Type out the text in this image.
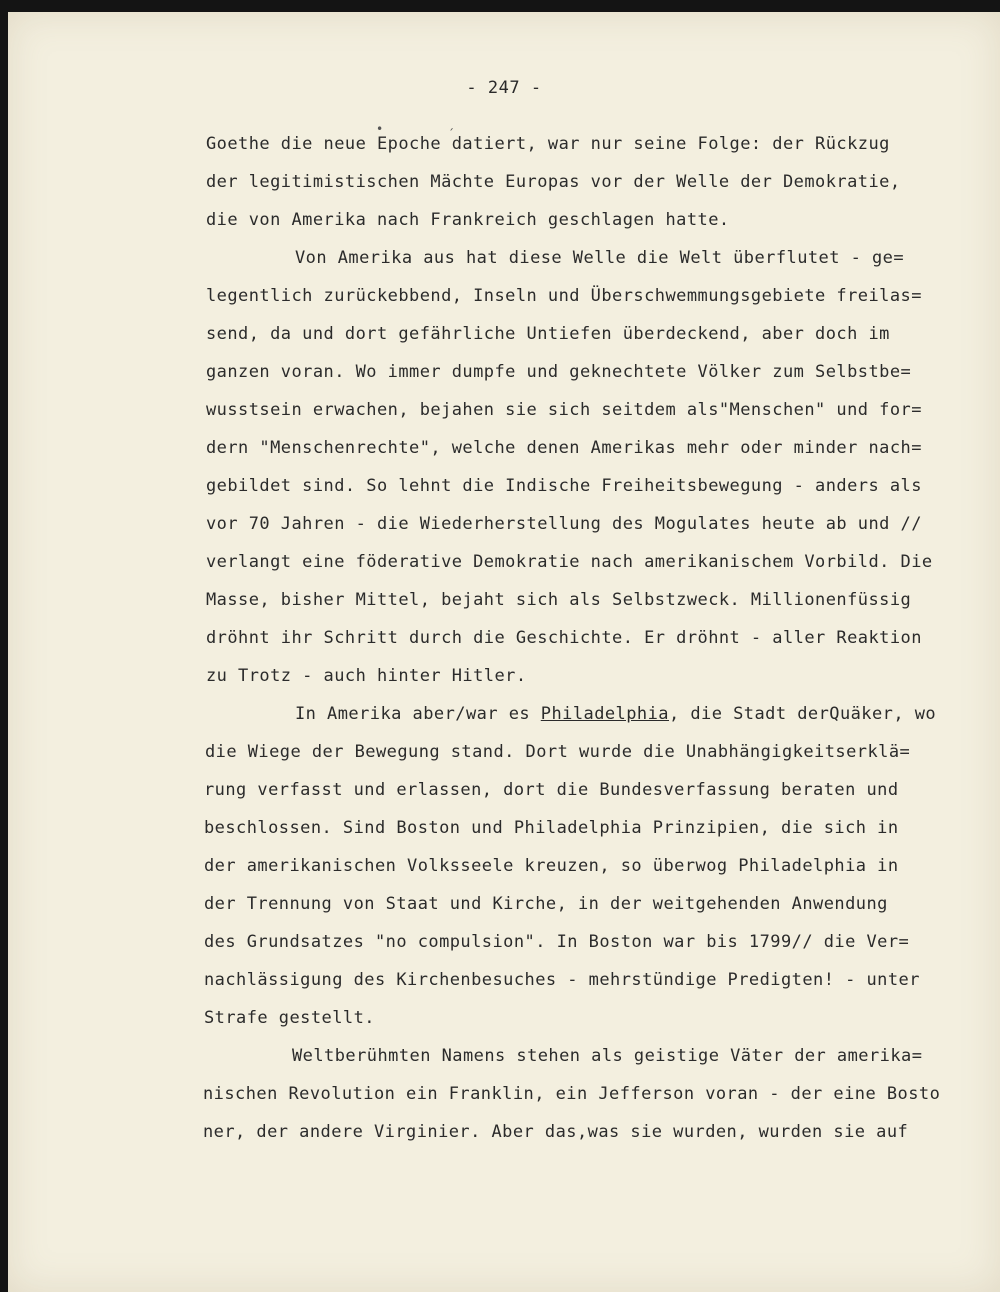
- 247 -
•	ˏ
Goethe die neue Epoche datiert, war nur seine Folge: der Rückzug
der legitimistischen Mächte Europas vor der Welle der Demokratie,
die von Amerika nach Frankreich geschlagen hatte.
Von Amerika aus hat diese Welle die Welt überflutet - ge=
legentlich zurückebbend, Inseln und Überschwemmungsgebiete freilas=
send, da und dort gefährliche Untiefen überdeckend, aber doch im
ganzen voran. Wo immer dumpfe und geknechtete Völker zum Selbstbe=
wusstsein erwachen, bejahen sie sich seitdem als"Menschen" und for=
dern "Menschenrechte", welche denen Amerikas mehr oder minder nach=
gebildet sind. So lehnt die Indische Freiheitsbewegung - anders als
vor 70 Jahren - die Wiederherstellung des Mogulates heute ab und //
verlangt eine föderative Demokratie nach amerikanischem Vorbild. Die
Masse, bisher Mittel, bejaht sich als Selbstzweck. Millionenfüssig
dröhnt ihr Schritt durch die Geschichte. Er dröhnt - aller Reaktion
zu Trotz - auch hinter Hitler.
In Amerika aber/war es Philadelphia, die Stadt derQuäker, wo
die Wiege der Bewegung stand. Dort wurde die Unabhängigkeitserklä=
rung verfasst und erlassen, dort die Bundesverfassung beraten und
beschlossen. Sind Boston und Philadelphia Prinzipien, die sich in
der amerikanischen Volksseele kreuzen, so überwog Philadelphia in
der Trennung von Staat und Kirche, in der weitgehenden Anwendung
des Grundsatzes "no compulsion". In Boston war bis 1799// die Ver=
nachlässigung des Kirchenbesuches - mehrstündige Predigten! - unter
Strafe gestellt.
Weltberühmten Namens stehen als geistige Väter der amerika=
nischen Revolution ein Franklin, ein Jefferson voran - der eine Bosto
ner, der andere Virginier. Aber das,was sie wurden, wurden sie auf
